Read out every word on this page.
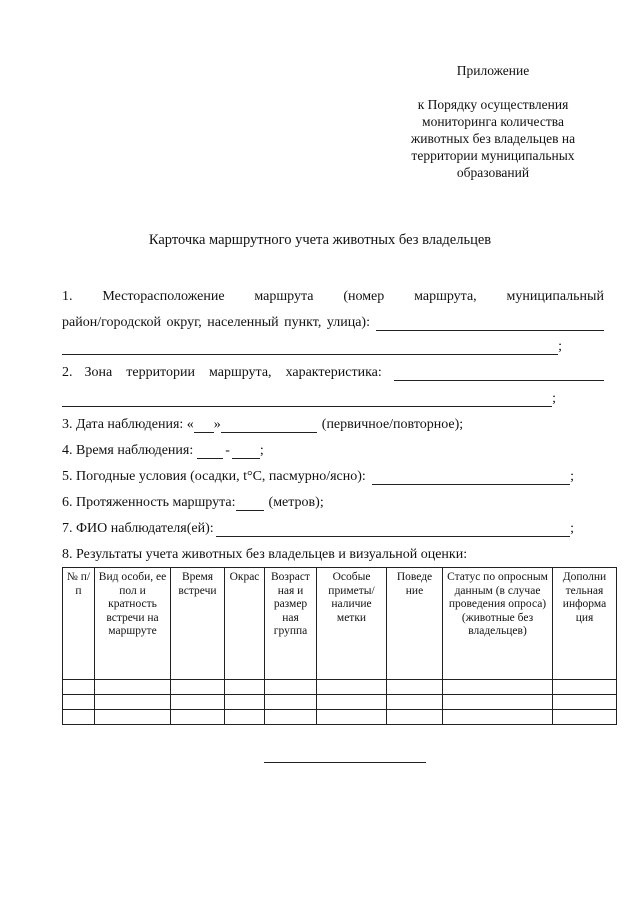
Приложение
к Порядку осуществления
мониторинга количества
животных без владельцев на
территории муниципальных
образований
Карточка маршрутного учета животных без владельцев
1. Месторасположение маршрута (номер маршрута, муниципальный
район/городской округ, населенный пункт, улица):
;
2. Зона территории маршрута, характеристика:
;
3. Дата наблюдения: « »	(первичное/повторное);
4. Время наблюдения: - ;
5. Погодные условия (осадки, t°С, пасмурно/ясно):	;
6. Протяженность маршрута: (метров);
7. ФИО наблюдателя(ей):	;
8. Результаты учета животных без владельцев и визуальной оценки:
№ п/п	Вид особи, ее пол и кратность встречи на маршруте	Время встречи	Окрас	Возраст ная и размер ная группа	Особые приметы/ наличие метки	Поведе ние	Статус по опросным данным (в случае проведения опроса) (животные без владельцев)	Дополни тельная информа ция
